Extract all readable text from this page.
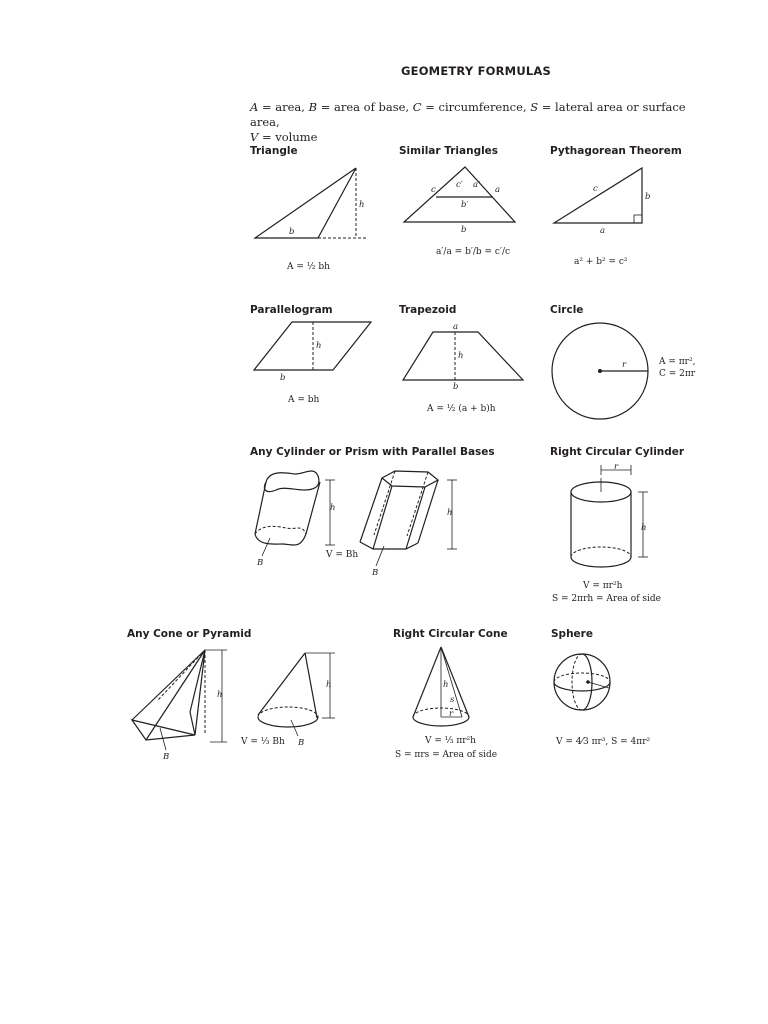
GEOMETRY FORMULAS
A = area, B = area of base, C = circumference, S = lateral area or surface area,
V = volume
Triangle	Similar Triangles	Pythagorean Theorem
Parallelogram	Trapezoid	Circle
Any Cylinder or Prism with Parallel Bases	Right Circular Cylinder
Any Cone or Pyramid	Right Circular Cone	Sphere
A = ½ bh
a′/a = b′/b = c′/c
a² + b² = c²
A = bh
A = ½ (a + b)h
A = πr²,
C = 2πr
V = Bh
V = πr²h
S = 2πrh = Area of side
V = ⅓ Bh	V = ⅓ πr²h
S = πrs = Area of side
V = 4⁄3 πr³, S = 4πr²
b
h
c c′ a′ a
b′
b
c
b
a
h
b
a
h
b
r
h
B
h
B
r
h
h
B
h
B
h
s
r
